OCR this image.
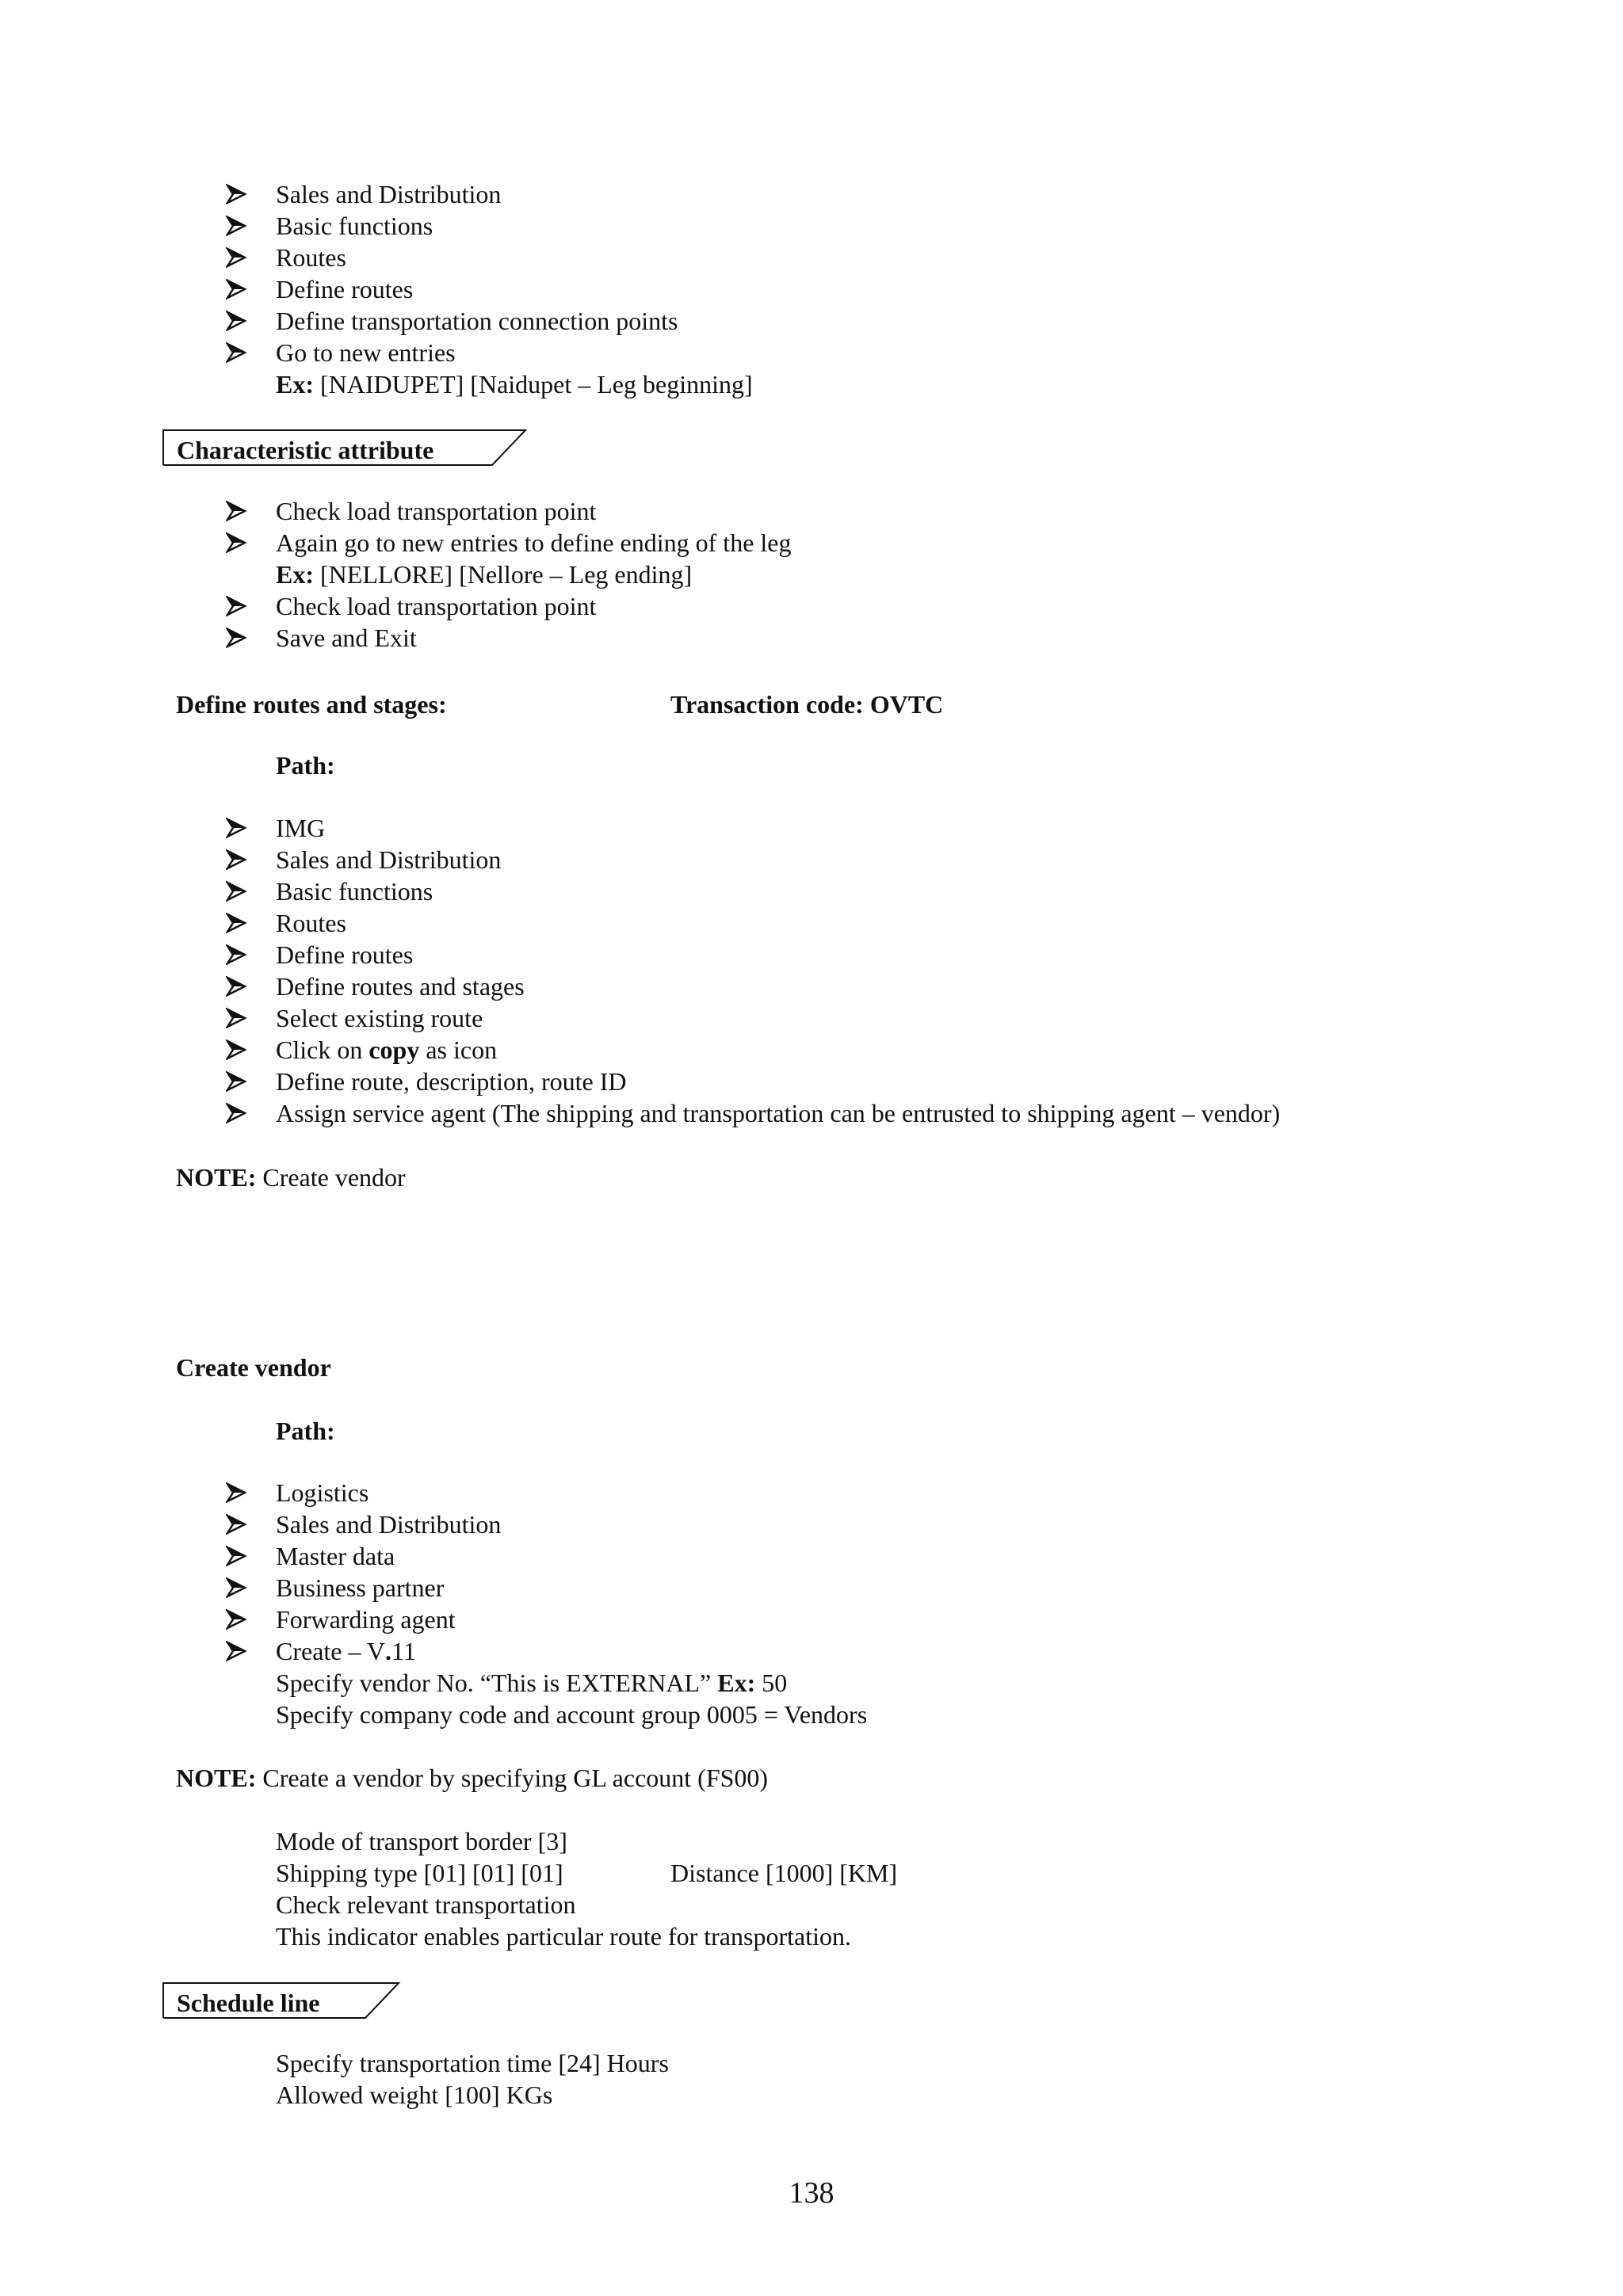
Sales and Distribution
Basic functions
Routes
Define routes
Define transportation connection points
Go to new entries
Ex: [NAIDUPET] [Naidupet – Leg beginning]
Characteristic attribute
Check load transportation point
Again go to new entries to define ending of the leg
Ex: [NELLORE] [Nellore – Leg ending]
Check load transportation point
Save and Exit
Define routes and stages:	Transaction code: OVTC
Path:
IMG
Sales and Distribution
Basic functions
Routes
Define routes
Define routes and stages
Select existing route
Click on copy as icon
Define route, description, route ID
Assign service agent (The shipping and transportation can be entrusted to shipping agent – vendor)
NOTE: Create vendor
Create vendor
Path:
Logistics
Sales and Distribution
Master data
Business partner
Forwarding agent
Create – V.11
Specify vendor No. “This is EXTERNAL” Ex: 50
Specify company code and account group 0005 = Vendors
NOTE: Create a vendor by specifying GL account (FS00)
Mode of transport border [3]
Shipping type [01] [01] [01]	Distance [1000] [KM]
Check relevant transportation
This indicator enables particular route for transportation.
Schedule line
Specify transportation time [24] Hours
Allowed weight [100] KGs
138
